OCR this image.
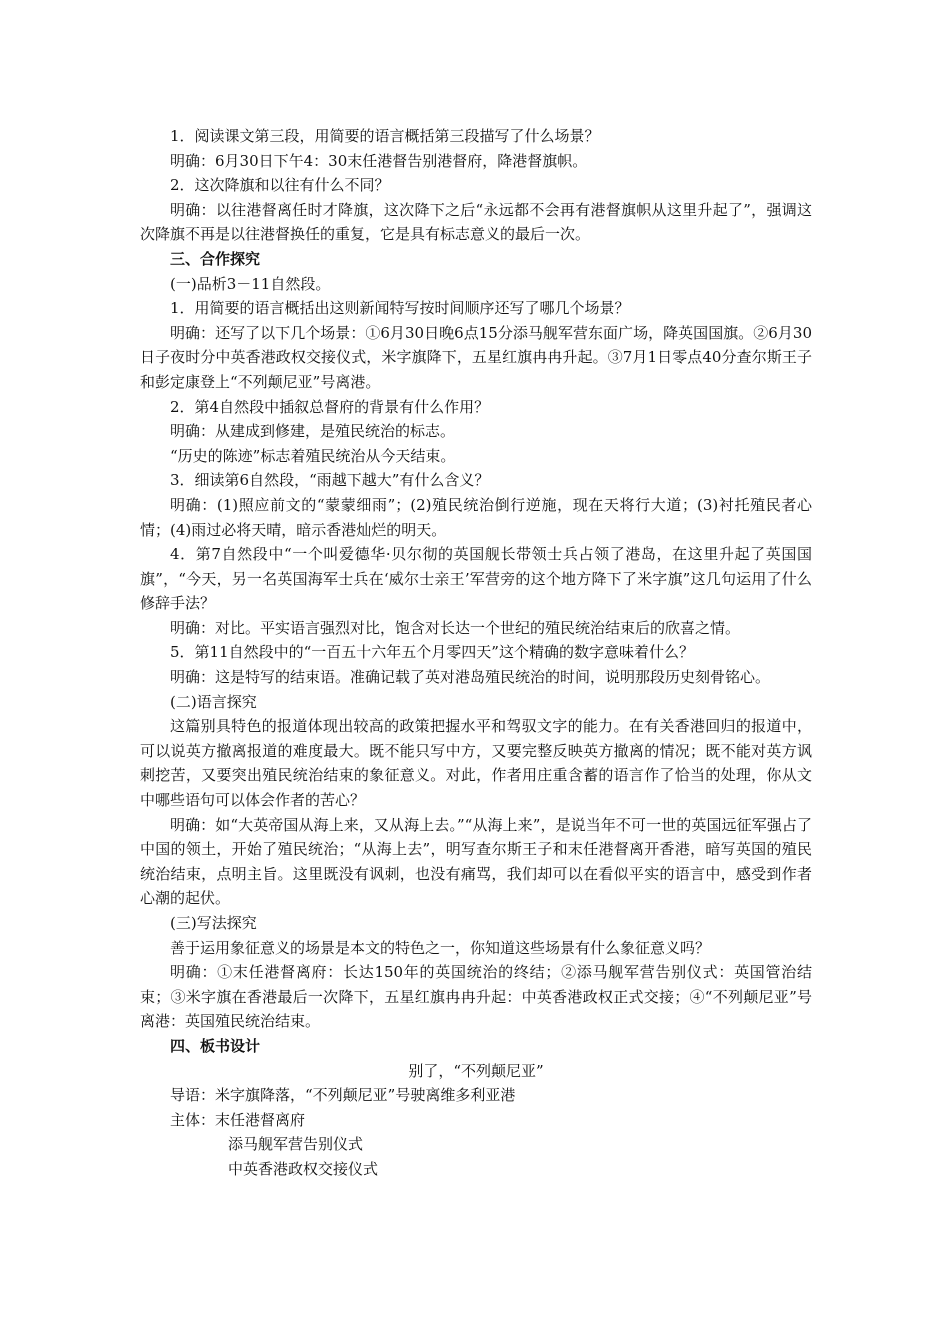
1．阅读课文第三段，用简要的语言概括第三段描写了什么场景？

明确：6月30日下午4：30末任港督告别港督府，降港督旗帜。

2．这次降旗和以往有什么不同？

明确：以往港督离任时才降旗，这次降下之后“永远都不会再有港督旗帜从这里升起了”，强调这次降旗不再是以往港督换任的重复，它是具有标志意义的最后一次。

三、合作探究

(一)品析3－11自然段。

1．用简要的语言概括出这则新闻特写按时间顺序还写了哪几个场景？

明确：还写了以下几个场景：①6月30日晚6点15分添马舰军营东面广场，降英国国旗。②6月30日子夜时分中英香港政权交接仪式，米字旗降下，五星红旗冉冉升起。③7月1日零点40分查尔斯王子和彭定康登上“不列颠尼亚”号离港。

2．第4自然段中插叙总督府的背景有什么作用？

明确：从建成到修建，是殖民统治的标志。

“历史的陈迹”标志着殖民统治从今天结束。

3．细读第6自然段，“雨越下越大”有什么含义？

明确：(1)照应前文的“蒙蒙细雨”；(2)殖民统治倒行逆施，现在天将行大道；(3)衬托殖民者心情；(4)雨过必将天晴，暗示香港灿烂的明天。

4．第7自然段中“一个叫爱德华·贝尔彻的英国舰长带领士兵占领了港岛，在这里升起了英国国旗”，“今天，另一名英国海军士兵在‘威尔士亲王’军营旁的这个地方降下了米字旗”这几句运用了什么修辞手法？

明确：对比。平实语言强烈对比，饱含对长达一个世纪的殖民统治结束后的欣喜之情。

5．第11自然段中的“一百五十六年五个月零四天”这个精确的数字意味着什么？

明确：这是特写的结束语。准确记载了英对港岛殖民统治的时间，说明那段历史刻骨铭心。

(二)语言探究

这篇别具特色的报道体现出较高的政策把握水平和驾驭文字的能力。在有关香港回归的报道中，可以说英方撤离报道的难度最大。既不能只写中方，又要完整反映英方撤离的情况；既不能对英方讽刺挖苦，又要突出殖民统治结束的象征意义。对此，作者用庄重含蓄的语言作了恰当的处理，你从文中哪些语句可以体会作者的苦心？

明确：如“大英帝国从海上来，又从海上去。”“从海上来”，是说当年不可一世的英国远征军强占了中国的领土，开始了殖民统治；“从海上去”，明写查尔斯王子和末任港督离开香港，暗写英国的殖民统治结束，点明主旨。这里既没有讽刺，也没有痛骂，我们却可以在看似平实的语言中，感受到作者心潮的起伏。

(三)写法探究

善于运用象征意义的场景是本文的特色之一，你知道这些场景有什么象征意义吗？

明确：①末任港督离府：长达150年的英国统治的终结；②添马舰军营告别仪式：英国管治结束；③米字旗在香港最后一次降下，五星红旗冉冉升起：中英香港政权正式交接；④“不列颠尼亚”号离港：英国殖民统治结束。

四、板书设计

别了，“不列颠尼亚”

导语：米字旗降落，“不列颠尼亚”号驶离维多利亚港

主体：末任港督离府

添马舰军营告别仪式

中英香港政权交接仪式
